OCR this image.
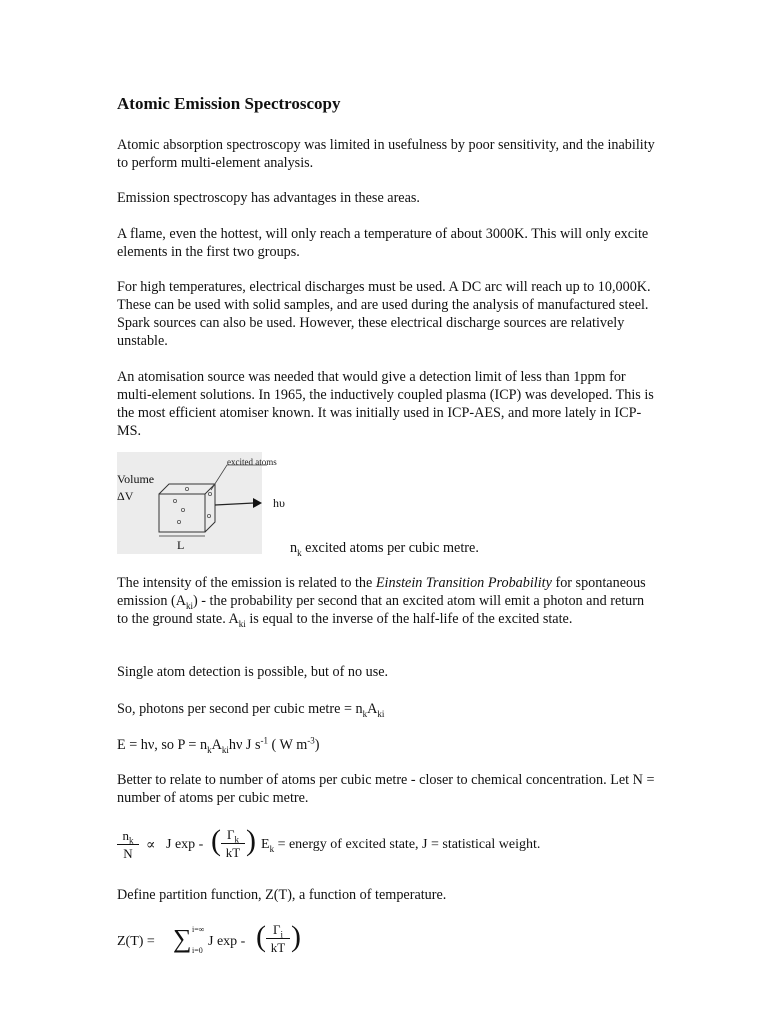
Atomic Emission Spectroscopy

Atomic absorption spectroscopy was limited in usefulness by poor sensitivity, and the inability to perform multi-element analysis.

Emission spectroscopy has advantages in these areas.

A flame, even the hottest, will only reach a temperature of about 3000K. This will only excite elements in the first two groups.

For high temperatures, electrical discharges must be used. A DC arc will reach up to 10,000K. These can be used with solid samples, and are used during the analysis of manufactured steel. Spark sources can also be used. However, these electrical discharge sources are relatively unstable.

An atomisation source was needed that would give a detection limit of less than 1ppm for multi-element solutions. In 1965, the inductively coupled plasma (ICP) was developed. This is the most efficient atomiser known. It was initially used in ICP-AES, and more lately in ICP-MS.

excited atoms
Volume
ΔV	hυ
L	$n_k$ excited atoms per cubic metre.

The intensity of the emission is related to the Einstein Transition Probability for spontaneous emission $(A_{ki})$ - the probability per second that an excited atom will emit a photon and return to the ground state. $A_{ki}$ is equal to the inverse of the half-life of the excited state.

Single atom detection is possible, but of no use.

So, photons per second per cubic metre = $n_kA_{ki}$

E = hν, so $P = n_kA_{ki}h\nu$ J $s^{-1}$ ( W $m^{-3}$)

Better to relate to number of atoms per cubic metre - closer to chemical concentration. Let N = number of atoms per cubic metre.

$\frac{n_k}{N} \propto J$ exp - ( $\frac{\Gamma_k}{kT}$ ) $E_k$ = energy of excited state, J = statistical weight.

Define partition function, Z(T), a function of temperature.

Z(T) = ∑ i=∞
i=0
J exp - ( $\frac{\Gamma_i}{kT}$ )
